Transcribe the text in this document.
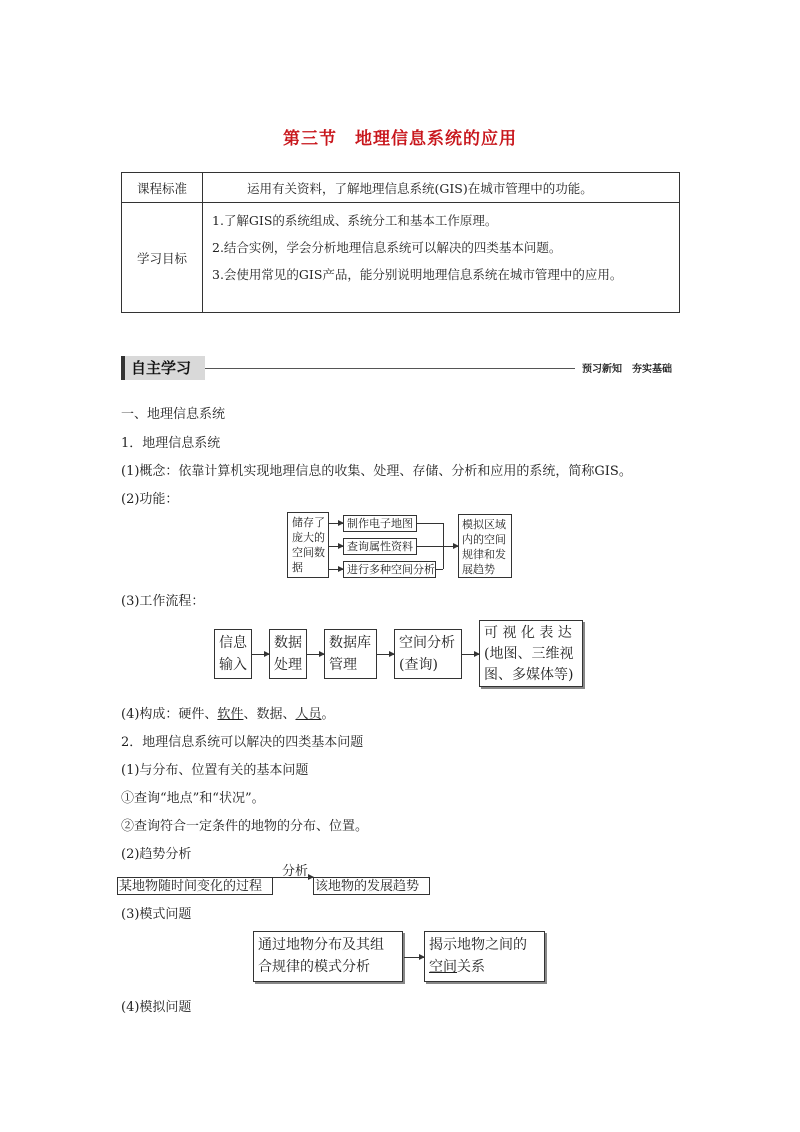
第三节　地理信息系统的应用
课程标准	运用有关资料，了解地理信息系统(GIS)在城市管理中的功能。
学习目标	1.了解GIS的系统组成、系统分工和基本工作原理。
2.结合实例，学会分析地理信息系统可以解决的四类基本问题。
3.会使用常见的GIS产品，能分别说明地理信息系统在城市管理中的应用。
自主学习	预习新知　夯实基础
一、地理信息系统
1．地理信息系统
(1)概念：依靠计算机实现地理信息的收集、处理、存储、分析和应用的系统，简称GIS。
(2)功能：
储存了庞大的空间数据
制作电子地图
查询属性资料
进行多种空间分析
模拟区域内的空间规律和发展趋势
(3)工作流程：
信息
输入
数据
处理
数据库
管理
空间分析
(查询)
可 视 化 表 达
(地图、三维视
图、多媒体等)
(4)构成：硬件、软件、数据、人员。
2．地理信息系统可以解决的四类基本问题
(1)与分布、位置有关的基本问题
①查询“地点”和“状况”。
②查询符合一定条件的地物的分布、位置。
(2)趋势分析
某地物随时间变化的过程
分析
该地物的发展趋势
(3)模式问题
通过地物分布及其组
合规律的模式分析
揭示地物之间的
空间关系
(4)模拟问题
